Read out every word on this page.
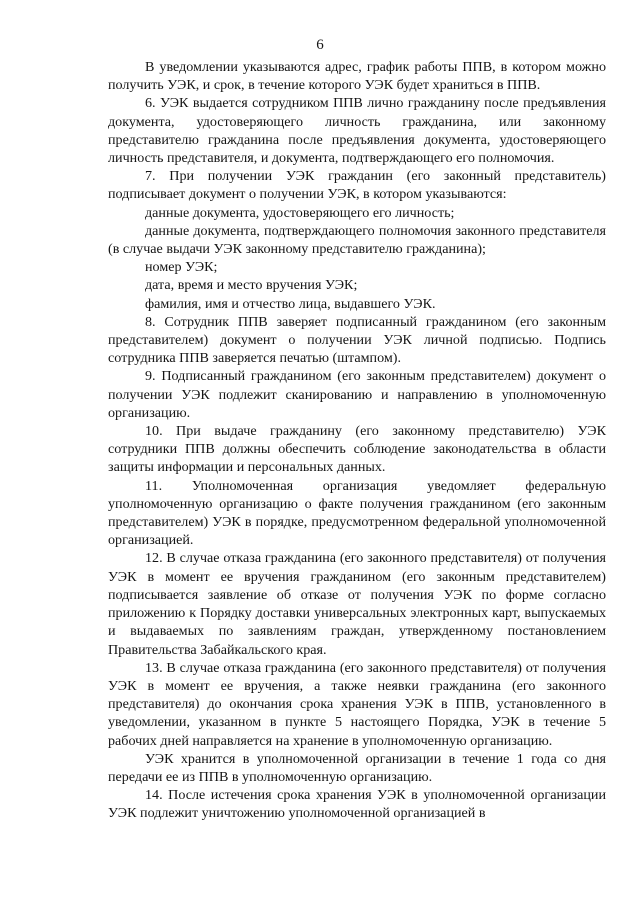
6

В уведомлении указываются адрес, график работы ППВ, в котором можно получить УЭК, и срок, в течение которого УЭК будет храниться в ППВ.

6. УЭК выдается сотрудником ППВ лично гражданину после предъявления документа, удостоверяющего личность гражданина, или законному представителю гражданина после предъявления документа, удостоверяющего личность представителя, и документа, подтверждающего его полномочия.

7. При получении УЭК гражданин (его законный представитель) подписывает документ о получении УЭК, в котором указываются:

данные документа, удостоверяющего его личность;

данные документа, подтверждающего полномочия законного представителя (в случае выдачи УЭК законному представителю гражданина);

номер УЭК;

дата, время и место вручения УЭК;

фамилия, имя и отчество лица, выдавшего УЭК.

8. Сотрудник ППВ заверяет подписанный гражданином (его законным представителем) документ о получении УЭК личной подписью. Подпись сотрудника ППВ заверяется печатью (штампом).

9. Подписанный гражданином (его законным представителем) документ о получении УЭК подлежит сканированию и направлению в уполномоченную организацию.

10. При выдаче гражданину (его законному представителю) УЭК сотрудники ППВ должны обеспечить соблюдение законодательства в области защиты информации и персональных данных.

11. Уполномоченная организация уведомляет федеральную уполномоченную организацию о факте получения гражданином (его законным представителем) УЭК в порядке, предусмотренном федеральной уполномоченной организацией.

12. В случае отказа гражданина (его законного представителя) от получения УЭК в момент ее вручения гражданином (его законным представителем) подписывается заявление об отказе от получения УЭК по форме согласно приложению к Порядку доставки универсальных электронных карт, выпускаемых и выдаваемых по заявлениям граждан, утвержденному постановлением Правительства Забайкальского края.

13. В случае отказа гражданина (его законного представителя) от получения УЭК в момент ее вручения, а также неявки гражданина (его законного представителя) до окончания срока хранения УЭК в ППВ, установленного в уведомлении, указанном в пункте 5 настоящего Порядка, УЭК в течение 5 рабочих дней направляется на хранение в уполномоченную организацию.

УЭК хранится в уполномоченной организации в течение 1 года со дня передачи ее из ППВ в уполномоченную организацию.

14. После истечения срока хранения УЭК в уполномоченной организации УЭК подлежит уничтожению уполномоченной организацией в
